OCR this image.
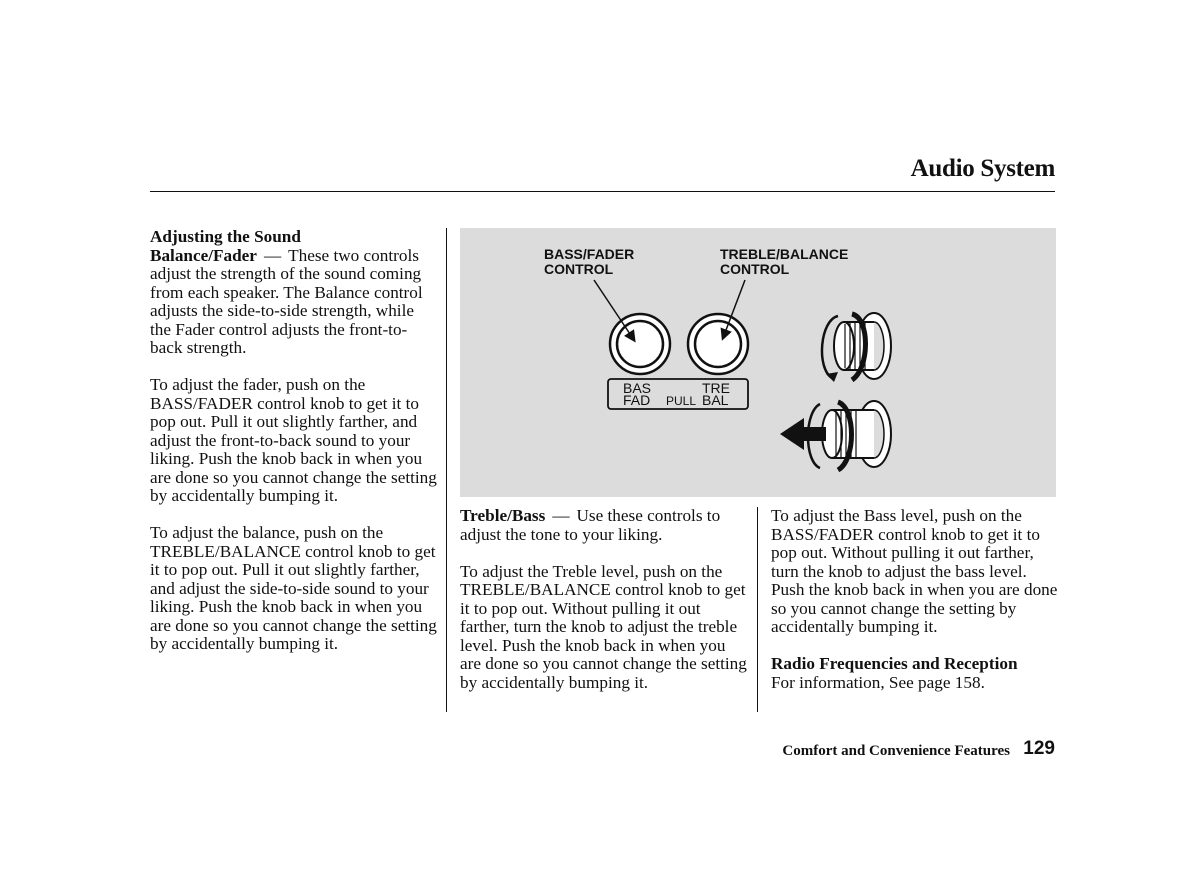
Audio System
Adjusting the Sound
Balance/Fader — These two controls adjust the strength of the sound coming from each speaker. The Balance control adjusts the side-to-side strength, while the Fader control adjusts the front-to-back strength.
To adjust the fader, push on the BASS/FADER control knob to get it to pop out. Pull it out slightly farther, and adjust the front-to-back sound to your liking. Push the knob back in when you are done so you cannot change the setting by accidentally bumping it.
To adjust the balance, push on the TREBLE/BALANCE control knob to get it to pop out. Pull it out slightly farther, and adjust the side-to-side sound to your liking. Push the knob back in when you are done so you cannot change the setting by accidentally bumping it.
BASS/FADER
CONTROL
TREBLE/BALANCE
CONTROL
BAS
FAD PULL
TRE
BAL
Treble/Bass — Use these controls to adjust the tone to your liking.
To adjust the Treble level, push on the TREBLE/BALANCE control knob to get it to pop out. Without pulling it out farther, turn the knob to adjust the treble level. Push the knob back in when you are done so you cannot change the setting by accidentally bumping it.
To adjust the Bass level, push on the BASS/FADER control knob to get it to pop out. Without pulling it out farther, turn the knob to adjust the bass level. Push the knob back in when you are done so you cannot change the setting by accidentally bumping it.
Radio Frequencies and Reception
For information, See page 158.
Comfort and Convenience Features 129
